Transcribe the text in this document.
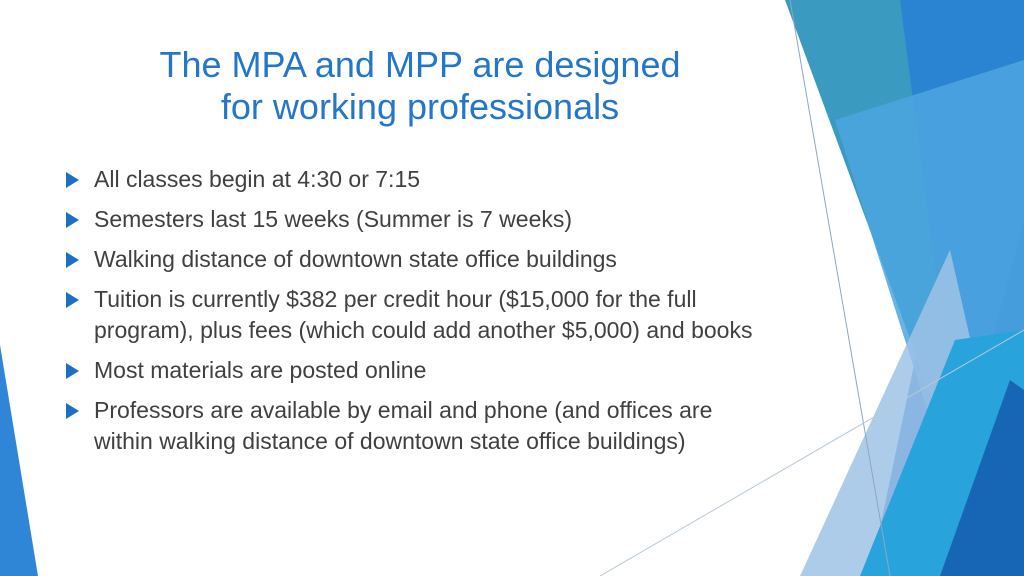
The MPA and MPP are designed
for working professionals
All classes begin at 4:30 or 7:15
Semesters last 15 weeks (Summer is 7 weeks)
Walking distance of downtown state office buildings
Tuition is currently $382 per credit hour ($15,000 for the full program), plus fees (which could add another $5,000) and books
Most materials are posted online
Professors are available by email and phone (and offices are within walking distance of downtown state office buildings)
